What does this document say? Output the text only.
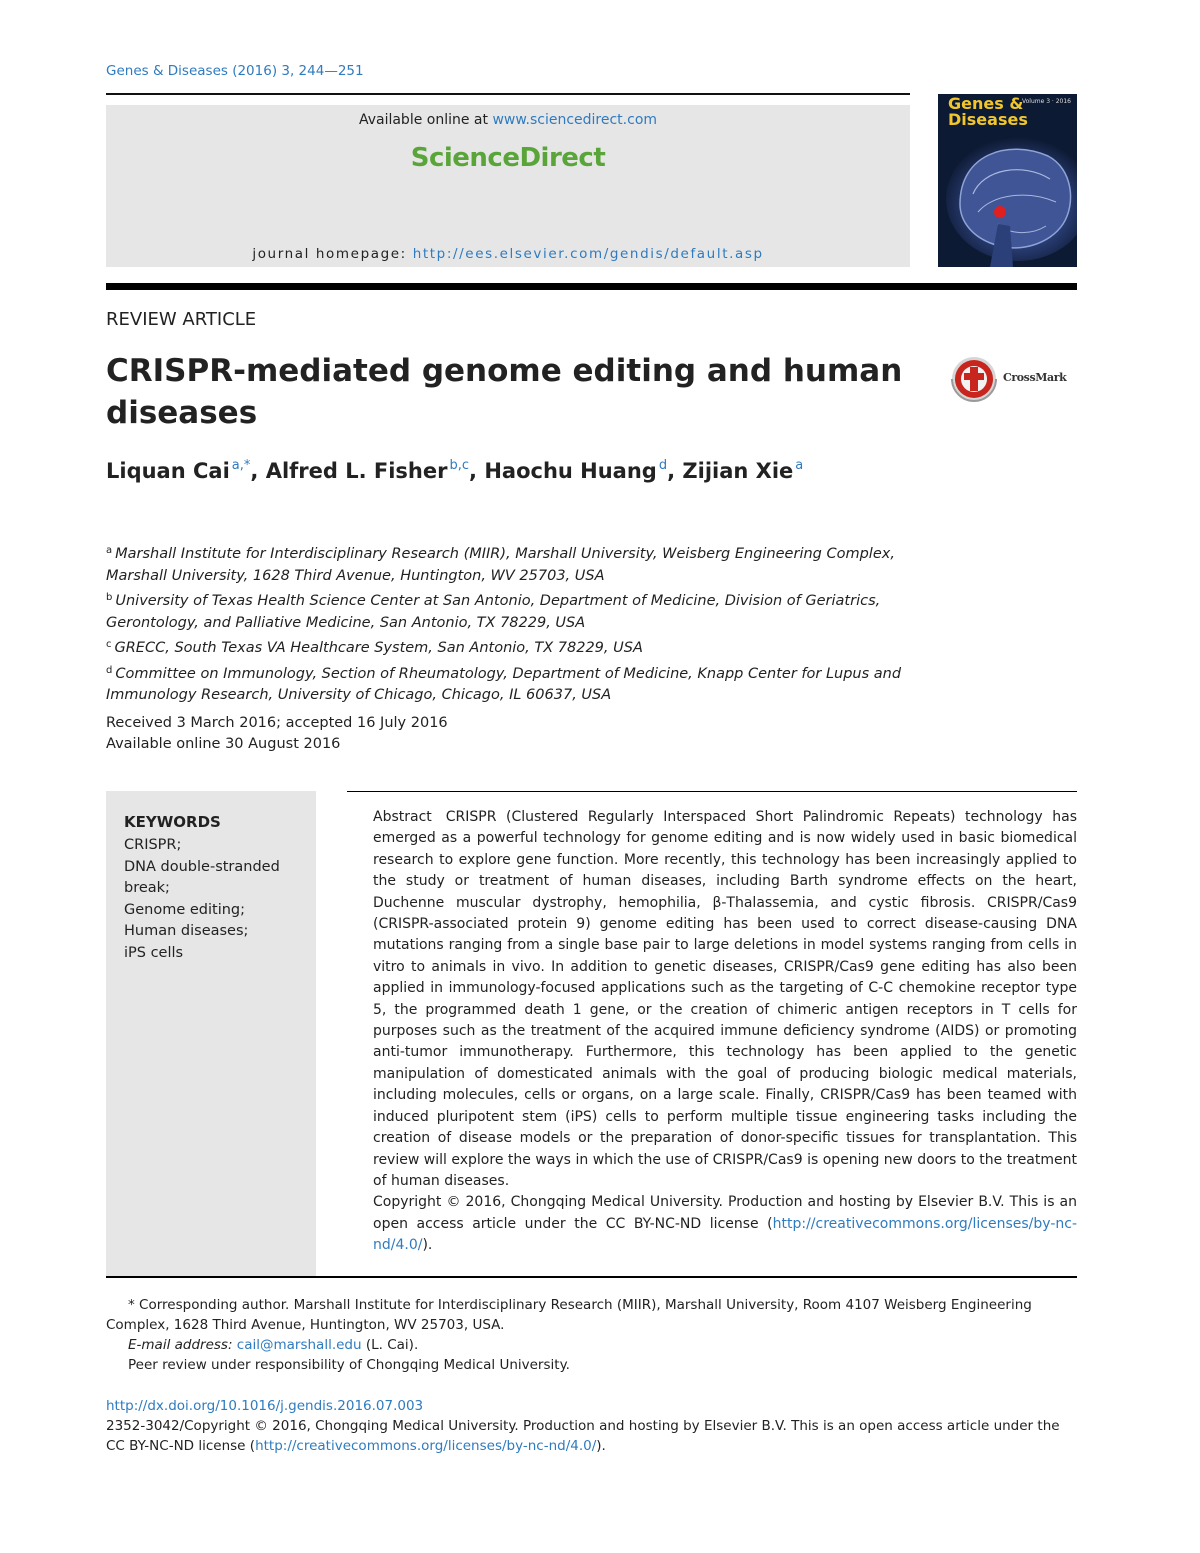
Genes & Diseases (2016) 3, 244—251
Available online at www.sciencedirect.com
ScienceDirect
journal homepage: http://ees.elsevier.com/gendis/default.asp
Genes &
Diseases
Volume 3 · 2016
REVIEW ARTICLE
CRISPR-mediated genome editing and human diseases
CrossMark
Liquan Cai $^{a,*}$, Alfred L. Fisher $^{b,c}$, Haochu Huang $^d$, Zijian Xie $^a$
$^a$ Marshall Institute for Interdisciplinary Research (MIIR), Marshall University, Weisberg Engineering Complex, Marshall University, 1628 Third Avenue, Huntington, WV 25703, USA
$^b$ University of Texas Health Science Center at San Antonio, Department of Medicine, Division of Geriatrics, Gerontology, and Palliative Medicine, San Antonio, TX 78229, USA
$^c$ GRECC, South Texas VA Healthcare System, San Antonio, TX 78229, USA
$^d$ Committee on Immunology, Section of Rheumatology, Department of Medicine, Knapp Center for Lupus and Immunology Research, University of Chicago, Chicago, IL 60637, USA
Received 3 March 2016; accepted 16 July 2016
Available online 30 August 2016
KEYWORDS
CRISPR;
DNA double-stranded break;
Genome editing;
Human diseases;
iPS cells
Abstract CRISPR (Clustered Regularly Interspaced Short Palindromic Repeats) technology has emerged as a powerful technology for genome editing and is now widely used in basic biomedical research to explore gene function. More recently, this technology has been increasingly applied to the study or treatment of human diseases, including Barth syndrome effects on the heart, Duchenne muscular dystrophy, hemophilia, β-Thalassemia, and cystic fibrosis. CRISPR/Cas9 (CRISPR-associated protein 9) genome editing has been used to correct disease-causing DNA mutations ranging from a single base pair to large deletions in model systems ranging from cells in vitro to animals in vivo. In addition to genetic diseases, CRISPR/Cas9 gene editing has also been applied in immunology-focused applications such as the targeting of C-C chemokine receptor type 5, the programmed death 1 gene, or the creation of chimeric antigen receptors in T cells for purposes such as the treatment of the acquired immune deficiency syndrome (AIDS) or promoting anti-tumor immunotherapy. Furthermore, this technology has been applied to the genetic manipulation of domesticated animals with the goal of producing biologic medical materials, including molecules, cells or organs, on a large scale. Finally, CRISPR/Cas9 has been teamed with induced pluripotent stem (iPS) cells to perform multiple tissue engineering tasks including the creation of disease models or the preparation of donor-specific tissues for transplantation. This review will explore the ways in which the use of CRISPR/Cas9 is opening new doors to the treatment of human diseases.
Copyright © 2016, Chongqing Medical University. Production and hosting by Elsevier B.V. This is an open access article under the CC BY-NC-ND license (http://creativecommons.org/licenses/by-nc-nd/4.0/).

* Corresponding author. Marshall Institute for Interdisciplinary Research (MIIR), Marshall University, Room 4107 Weisberg Engineering Complex, 1628 Third Avenue, Huntington, WV 25703, USA.

E-mail address: cail@marshall.edu (L. Cai).

Peer review under responsibility of Chongqing Medical University.

http://dx.doi.org/10.1016/j.gendis.2016.07.003

2352-3042/Copyright © 2016, Chongqing Medical University. Production and hosting by Elsevier B.V. This is an open access article under the CC BY-NC-ND license (http://creativecommons.org/licenses/by-nc-nd/4.0/).
